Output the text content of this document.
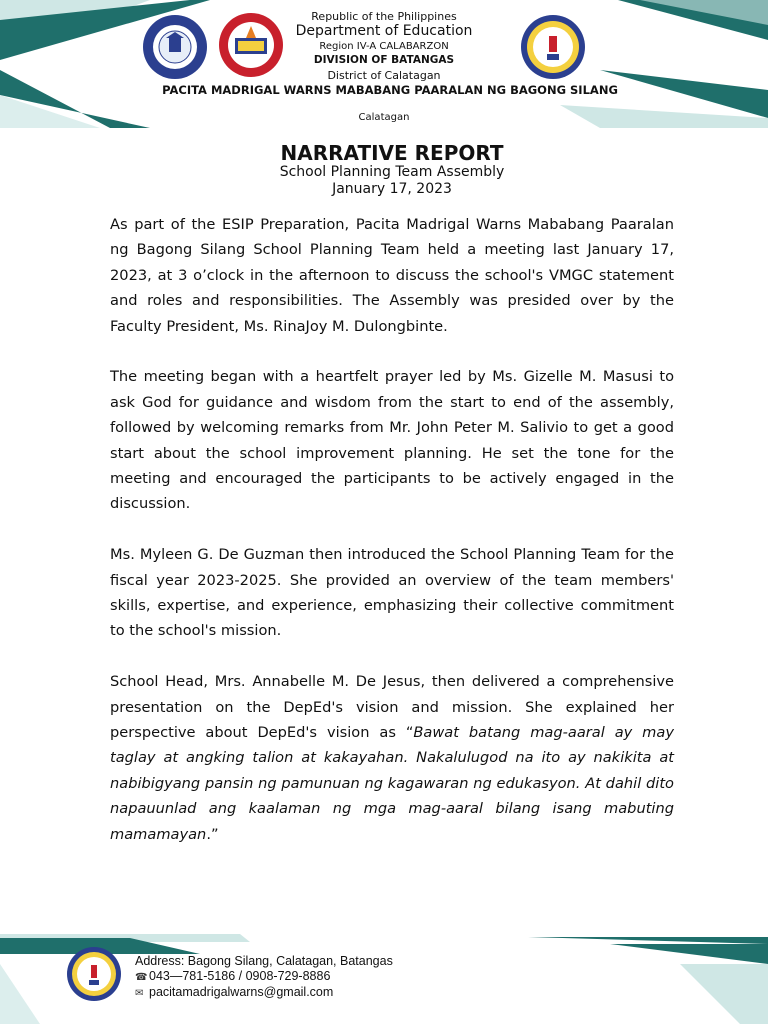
Republic of the Philippines
Department of Education
Region IV-A CALABARZON
DIVISION OF BATANGAS
District of Calatagan
PACITA MADRIGAL WARNS MABABANG PAARALAN NG BAGONG SILANG
Calatagan
NARRATIVE REPORT
School Planning Team Assembly
January 17, 2023

As part of the ESIP Preparation, Pacita Madrigal Warns Mababang Paaralan ng Bagong Silang School Planning Team held a meeting last January 17, 2023, at 3 o’clock in the afternoon to discuss the school's VMGC statement and roles and responsibilities. The Assembly was presided over by the Faculty President, Ms. RinaJoy M. Dulongbinte.

The meeting began with a heartfelt prayer led by Ms. Gizelle M. Masusi to ask God for guidance and wisdom from the start to end of the assembly, followed by welcoming remarks from Mr. John Peter M. Salivio to get a good start about the school improvement planning. He set the tone for the meeting and encouraged the participants to be actively engaged in the discussion.

Ms. Myleen G. De Guzman then introduced the School Planning Team for the fiscal year 2023-2025. She provided an overview of the team members' skills, expertise, and experience, emphasizing their collective commitment to the school's mission.

School Head, Mrs. Annabelle M. De Jesus, then delivered a comprehensive presentation on the DepEd's vision and mission. She explained her perspective about DepEd's vision as “Bawat batang mag-aaral ay may taglay at angking talion at kakayahan. Nakalulugod na ito ay nakikita at nabibigyang pansin ng pamunuan ng kagawaran ng edukasyon. At dahil dito napauunlad ang kaalaman ng mga mag-aaral bilang isang mabuting mamamayan.”

Address: Bagong Silang, Calatagan, Batangas
☎ 043—781-5186 / 0908-729-8886
✉ pacitamadrigalwarns@gmail.com
